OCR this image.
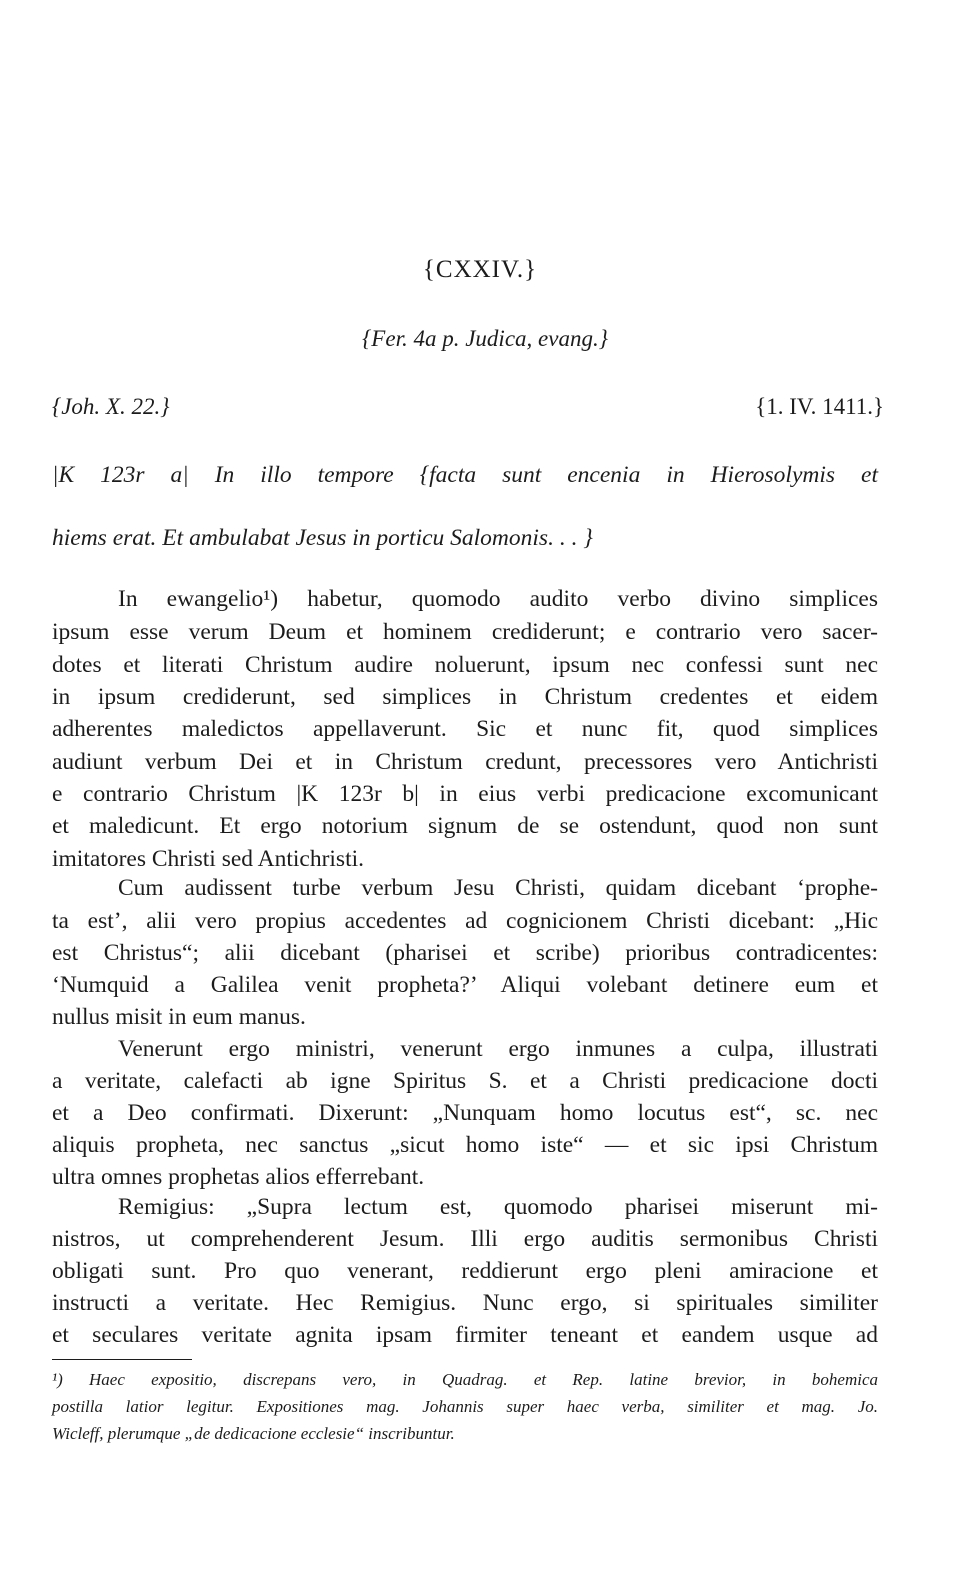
{CXXIV.}
{Fer. 4a p. Judica, evang.}
{Joh. X. 22.}	{1. IV. 1411.}
|K 123r a| In illo tempore {facta sunt encenia in Hierosolymis et
hiems erat. Et ambulabat Jesus in porticu Salomonis. . . }
In ewangelio¹) habetur, quomodo audito verbo divino simplices
ipsum esse verum Deum et hominem crediderunt; e contrario vero sacer-
dotes et literati Christum audire noluerunt, ipsum nec confessi sunt nec
in ipsum crediderunt, sed simplices in Christum credentes et eidem
adherentes maledictos appellaverunt. Sic et nunc fit, quod simplices
audiunt verbum Dei et in Christum credunt, precessores vero Antichristi
e contrario Christum |K 123r b| in eius verbi predicacione excomunicant
et maledicunt. Et ergo notorium signum de se ostendunt, quod non sunt
imitatores Christi sed Antichristi.
Cum audissent turbe verbum Jesu Christi, quidam dicebant ‘prophe-
ta est’, alii vero propius accedentes ad cognicionem Christi dicebant: „Hic
est Christus“; alii dicebant (pharisei et scribe) prioribus contradicentes:
‘Numquid a Galilea venit propheta?’ Aliqui volebant detinere eum et
nullus misit in eum manus.
Venerunt ergo ministri, venerunt ergo inmunes a culpa, illustrati
a veritate, calefacti ab igne Spiritus S. et a Christi predicacione docti
et a Deo confirmati. Dixerunt: „Nunquam homo locutus est“, sc. nec
aliquis propheta, nec sanctus „sicut homo iste“ — et sic ipsi Christum
ultra omnes prophetas alios efferrebant.
Remigius: „Supra lectum est, quomodo pharisei miserunt mi-
nistros, ut comprehenderent Jesum. Illi ergo auditis sermonibus Christi
obligati sunt. Pro quo venerant, reddierunt ergo pleni amiracione et
instructi a veritate. Hec Remigius. Nunc ergo, si spirituales similiter
et seculares veritate agnita ipsam firmiter teneant et eandem usque ad
¹) Haec expositio, discrepans vero, in Quadrag. et Rep. latine brevior, in bohemica
postilla latior legitur. Expositiones mag. Johannis super haec verba, similiter et mag. Jo.
Wicleff, plerumque „de dedicacione ecclesie“ inscribuntur.
